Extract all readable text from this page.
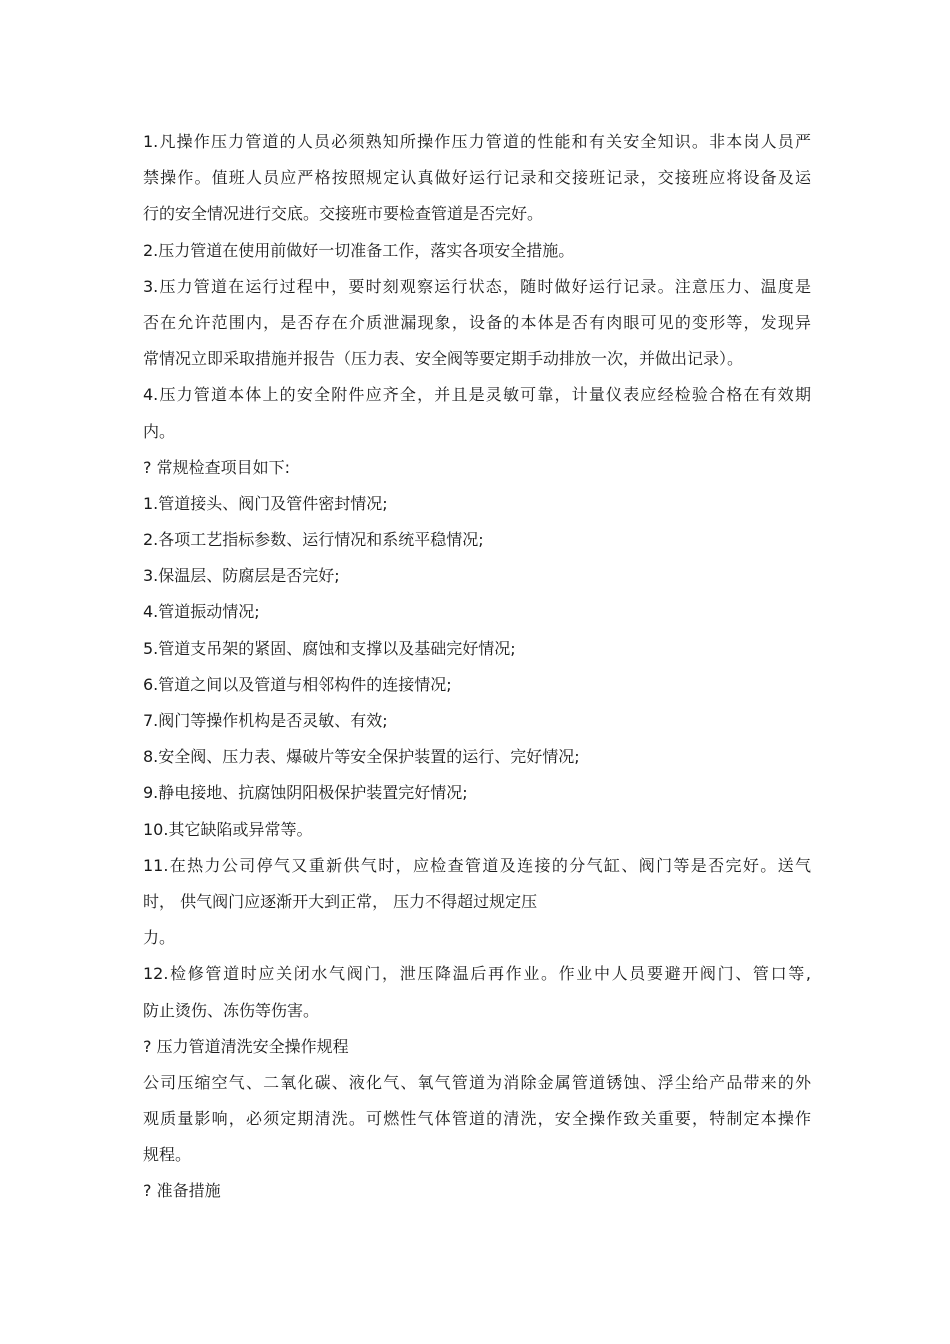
1.凡操作压力管道的人员必须熟知所操作压力管道的性能和有关安全知识。非本岗人员严

禁操作。值班人员应严格按照规定认真做好运行记录和交接班记录，交接班应将设备及运

行的安全情况进行交底。交接班市要检查管道是否完好。

2.压力管道在使用前做好一切准备工作，落实各项安全措施。

3.压力管道在运行过程中，要时刻观察运行状态，随时做好运行记录。注意压力、温度是

否在允许范围内，是否存在介质泄漏现象，设备的本体是否有肉眼可见的变形等，发现异

常情况立即采取措施并报告（压力表、安全阀等要定期手动排放一次，并做出记录）。

4.压力管道本体上的安全附件应齐全，并且是灵敏可靠，计量仪表应经检验合格在有效期

内。

? 常规检查项目如下:

1.管道接头、阀门及管件密封情况;

2.各项工艺指标参数、运行情况和系统平稳情况;

3.保温层、防腐层是否完好;

4.管道振动情况;

5.管道支吊架的紧固、腐蚀和支撑以及基础完好情况;

6.管道之间以及管道与相邻构件的连接情况;

7.阀门等操作机构是否灵敏、有效;

8.安全阀、压力表、爆破片等安全保护装置的运行、完好情况;

9.静电接地、抗腐蚀阴阳极保护装置完好情况;

10.其它缺陷或异常等。

11.在热力公司停气又重新供气时，应检查管道及连接的分气缸、阀门等是否完好。送气

时， 供气阀门应逐渐开大到正常， 压力不得超过规定压

力。

12.检修管道时应关闭水气阀门，泄压降温后再作业。作业中人员要避开阀门、管口等,

防止烫伤、冻伤等伤害。

? 压力管道清洗安全操作规程

公司压缩空气、二氧化碳、液化气、氧气管道为消除金属管道锈蚀、浮尘给产品带来的外

观质量影响，必须定期清洗。可燃性气体管道的清洗，安全操作致关重要，特制定本操作

规程。

? 准备措施
